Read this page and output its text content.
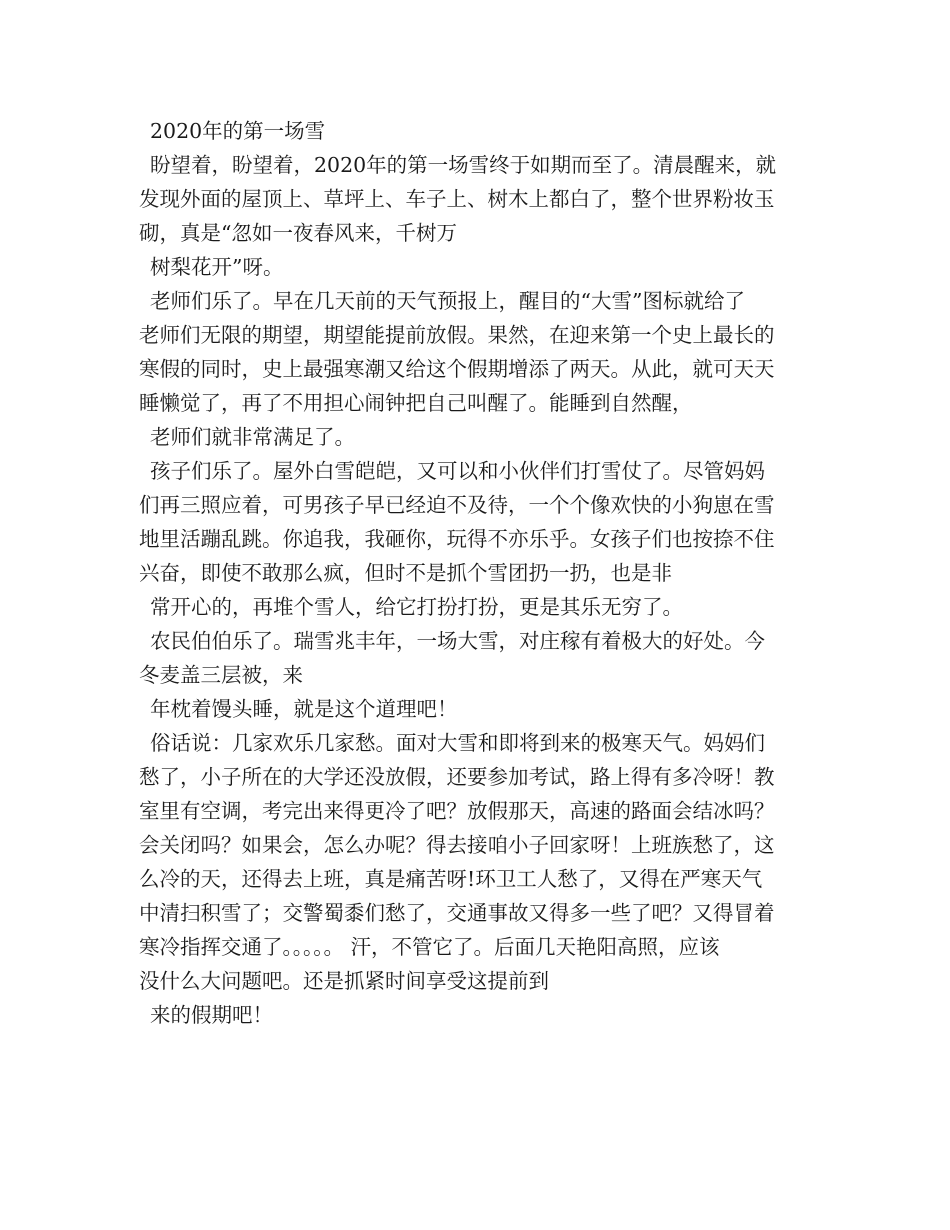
2020年的第一场雪
盼望着，盼望着，2020年的第一场雪终于如期而至了。清晨醒来，就
发现外面的屋顶上、草坪上、车子上、树木上都白了，整个世界粉妆玉
砌，真是“忽如一夜春风来，千树万
树梨花开”呀。
老师们乐了。早在几天前的天气预报上，醒目的“大雪”图标就给了
老师们无限的期望，期望能提前放假。果然，在迎来第一个史上最长的
寒假的同时，史上最强寒潮又给这个假期增添了两天。从此，就可天天
睡懒觉了，再了不用担心闹钟把自己叫醒了。能睡到自然醒，
老师们就非常满足了。
孩子们乐了。屋外白雪皑皑，又可以和小伙伴们打雪仗了。尽管妈妈
们再三照应着，可男孩子早已经迫不及待，一个个像欢快的小狗崽在雪
地里活蹦乱跳。你追我，我砸你，玩得不亦乐乎。女孩子们也按捺不住
兴奋，即使不敢那么疯，但时不是抓个雪团扔一扔，也是非
常开心的，再堆个雪人，给它打扮打扮，更是其乐无穷了。
农民伯伯乐了。瑞雪兆丰年，一场大雪，对庄稼有着极大的好处。今
冬麦盖三层被，来
年枕着馒头睡，就是这个道理吧！
俗话说：几家欢乐几家愁。面对大雪和即将到来的极寒天气。妈妈们
愁了，小子所在的大学还没放假，还要参加考试，路上得有多冷呀！教
室里有空调，考完出来得更冷了吧？放假那天，高速的路面会结冰吗？
会关闭吗？如果会，怎么办呢？得去接咱小子回家呀！上班族愁了，这
么冷的天，还得去上班，真是痛苦呀!环卫工人愁了，又得在严寒天气
中清扫积雪了；交警蜀黍们愁了，交通事故又得多一些了吧？又得冒着
寒冷指挥交通了。。。。。 汗，不管它了。后面几天艳阳高照，应该
没什么大问题吧。还是抓紧时间享受这提前到
来的假期吧！
